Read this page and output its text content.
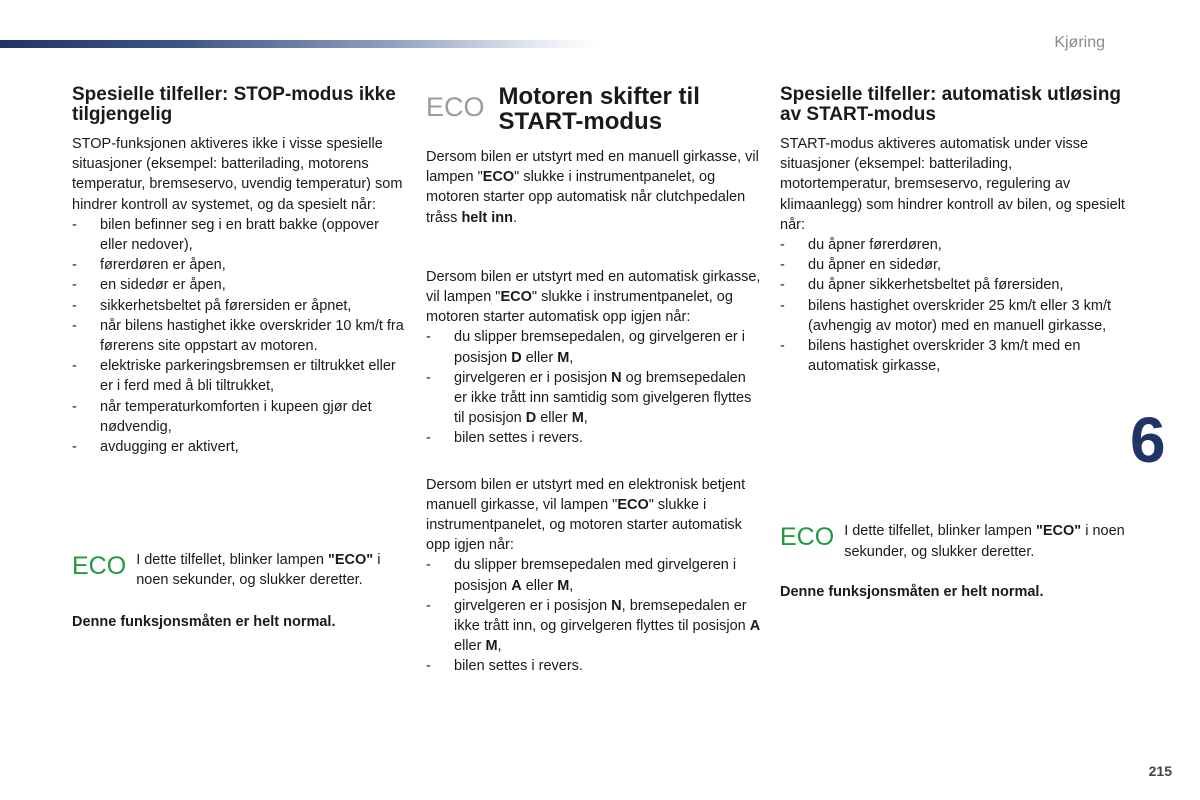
Kjøring
6
215
Spesielle tilfeller: STOP-modus ikke tilgjengelig

STOP-funksjonen aktiveres ikke i visse spesielle situasjoner (eksempel: batterilading, motorens temperatur, bremseservo, uvendig temperatur) som hindrer kontroll av systemet, og da spesielt når:

- bilen befinner seg i en bratt bakke (oppover eller nedover),
- førerdøren er åpen,
- en sidedør er åpen,
- sikkerhetsbeltet på førersiden er åpnet,
- når bilens hastighet ikke overskrider 10 km/t fra førerens site oppstart av motoren.
- elektriske parkeringsbremsen er tiltrukket eller er i ferd med å bli tiltrukket,
- når temperaturkomforten i kupeen gjør det nødvendig,
- avdugging er aktivert,
ECO I dette tilfellet, blinker lampen "ECO" i noen sekunder, og slukker deretter.

Denne funksjonsmåten er helt normal.

ECO Motoren skifter til START-modus

Dersom bilen er utstyrt med en manuell girkasse, vil lampen "ECO" slukke i instrumentpanelet, og motoren starter opp automatisk når clutchpedalen tråss helt inn.

Dersom bilen er utstyrt med en automatisk girkasse, vil lampen "ECO" slukke i instrumentpanelet, og motoren starter automatisk opp igjen når:

- du slipper bremsepedalen, og girvelgeren er i posisjon D eller M,
- girvelgeren er i posisjon N og bremsepedalen er ikke trått inn samtidig som givelgeren flyttes til posisjon D eller M,
- bilen settes i revers.

Dersom bilen er utstyrt med en elektronisk betjent manuell girkasse, vil lampen "ECO" slukke i instrumentpanelet, og motoren starter automatisk opp igjen når:

- du slipper bremsepedalen med girvelgeren i posisjon A eller M,
- girvelgeren er i posisjon N, bremsepedalen er ikke trått inn, og girvelgeren flyttes til posisjon A eller M,
- bilen settes i revers.
Spesielle tilfeller: automatisk utløsing av START-modus

START-modus aktiveres automatisk under visse situasjoner (eksempel: batterilading, motortemperatur, bremseservo, regulering av klimaanlegg) som hindrer kontroll av bilen, og spesielt når:

- du åpner førerdøren,
- du åpner en sidedør,
- du åpner sikkerhetsbeltet på førersiden,
- bilens hastighet overskrider 25 km/t eller 3 km/t (avhengig av motor) med en manuell girkasse,
- bilens hastighet overskrider 3 km/t med en automatisk girkasse,
ECO I dette tilfellet, blinker lampen "ECO" i noen sekunder, og slukker deretter.

Denne funksjonsmåten er helt normal.
